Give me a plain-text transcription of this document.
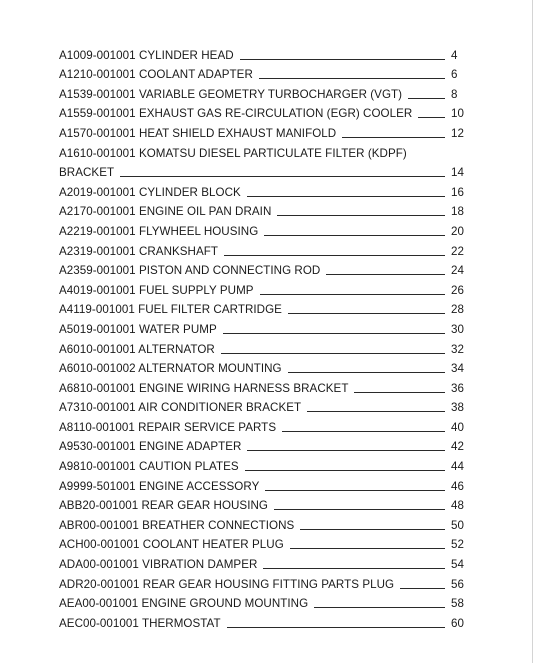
A1009-001001 CYLINDER HEAD	4
A1210-001001 COOLANT ADAPTER	6
A1539-001001 VARIABLE GEOMETRY TURBOCHARGER (VGT)	8
A1559-001001 EXHAUST GAS RE-CIRCULATION (EGR) COOLER	10
A1570-001001 HEAT SHIELD EXHAUST MANIFOLD	12
A1610-001001 KOMATSU DIESEL PARTICULATE FILTER (KDPF)
BRACKET	14
A2019-001001 CYLINDER BLOCK	16
A2170-001001 ENGINE OIL PAN DRAIN	18
A2219-001001 FLYWHEEL HOUSING	20
A2319-001001 CRANKSHAFT	22
A2359-001001 PISTON AND CONNECTING ROD	24
A4019-001001 FUEL SUPPLY PUMP	26
A4119-001001 FUEL FILTER CARTRIDGE	28
A5019-001001 WATER PUMP	30
A6010-001001 ALTERNATOR	32
A6010-001002 ALTERNATOR MOUNTING	34
A6810-001001 ENGINE WIRING HARNESS BRACKET	36
A7310-001001 AIR CONDITIONER BRACKET	38
A8110-001001 REPAIR SERVICE PARTS	40
A9530-001001 ENGINE ADAPTER	42
A9810-001001 CAUTION PLATES	44
A9999-501001 ENGINE ACCESSORY	46
ABB20-001001 REAR GEAR HOUSING	48
ABR00-001001 BREATHER CONNECTIONS	50
ACH00-001001 COOLANT HEATER PLUG	52
ADA00-001001 VIBRATION DAMPER	54
ADR20-001001 REAR GEAR HOUSING FITTING PARTS PLUG	56
AEA00-001001 ENGINE GROUND MOUNTING	58
AEC00-001001 THERMOSTAT	60
